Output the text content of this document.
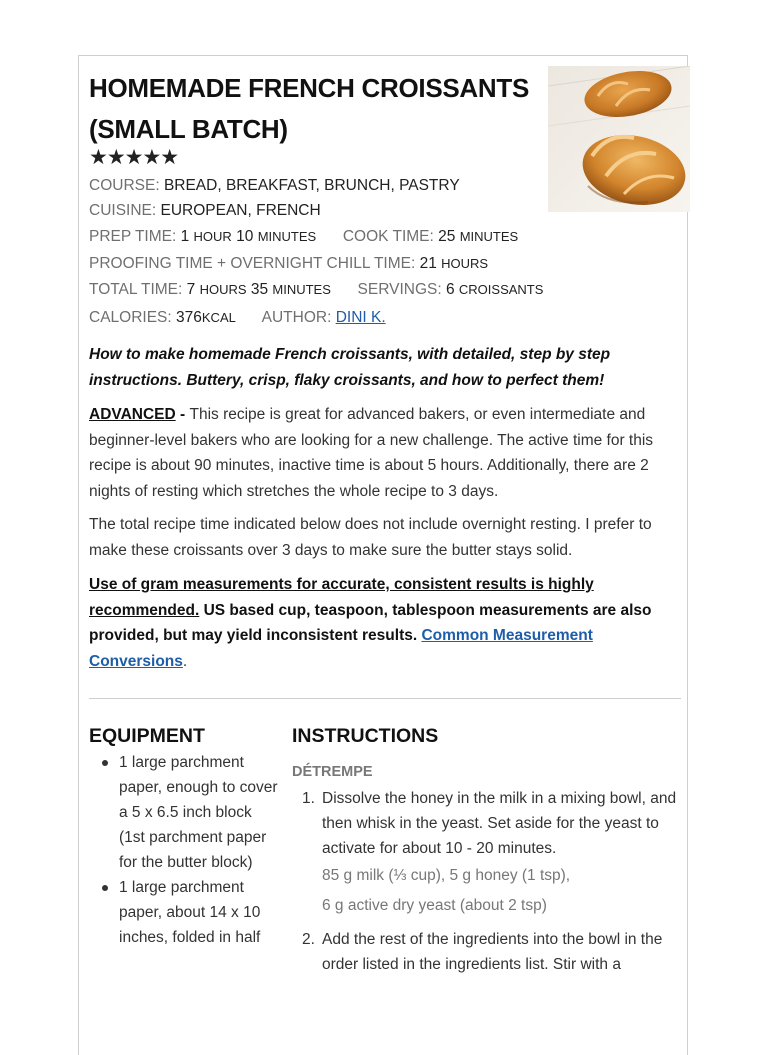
HOMEMADE FRENCH CROISSANTS (SMALL BATCH)
★★★★★
COURSE: BREAD, BREAKFAST, BRUNCH, PASTRY
CUISINE: EUROPEAN, FRENCH
PREP TIME: 1 HOUR 10 MINUTES COOK TIME: 25 MINUTES
PROOFING TIME + OVERNIGHT CHILL TIME: 21 HOURS
TOTAL TIME: 7 HOURS 35 MINUTES SERVINGS: 6 CROISSANTS
CALORIES: 376KCAL AUTHOR: DINI K.

How to make homemade French croissants, with detailed, step by step instructions. Buttery, crisp, flaky croissants, and how to perfect them!

ADVANCED - This recipe is great for advanced bakers, or even intermediate and beginner-level bakers who are looking for a new challenge. The active time for this recipe is about 90 minutes, inactive time is about 5 hours. Additionally, there are 2 nights of resting which stretches the whole recipe to 3 days.

The total recipe time indicated below does not include overnight resting. I prefer to make these croissants over 3 days to make sure the butter stays solid.

Use of gram measurements for accurate, consistent results is highly recommended. US based cup, teaspoon, tablespoon measurements are also provided, but may yield inconsistent results. Common Measurement Conversions.

EQUIPMENT
1 large parchment paper, enough to cover a 5 x 6.5 inch block (1st parchment paper for the butter block)
1 large parchment paper, about 14 x 10 inches, folded in half
INSTRUCTIONS
DÉTREMPE
1. Dissolve the honey in the milk in a mixing bowl, and then whisk in the yeast. Set aside for the yeast to activate for about 10 - 20 minutes.
85 g milk (⅓ cup), 5 g honey (1 tsp),
6 g active dry yeast (about 2 tsp)
2. Add the rest of the ingredients into the bowl in the order listed in the ingredients list. Stir with a
